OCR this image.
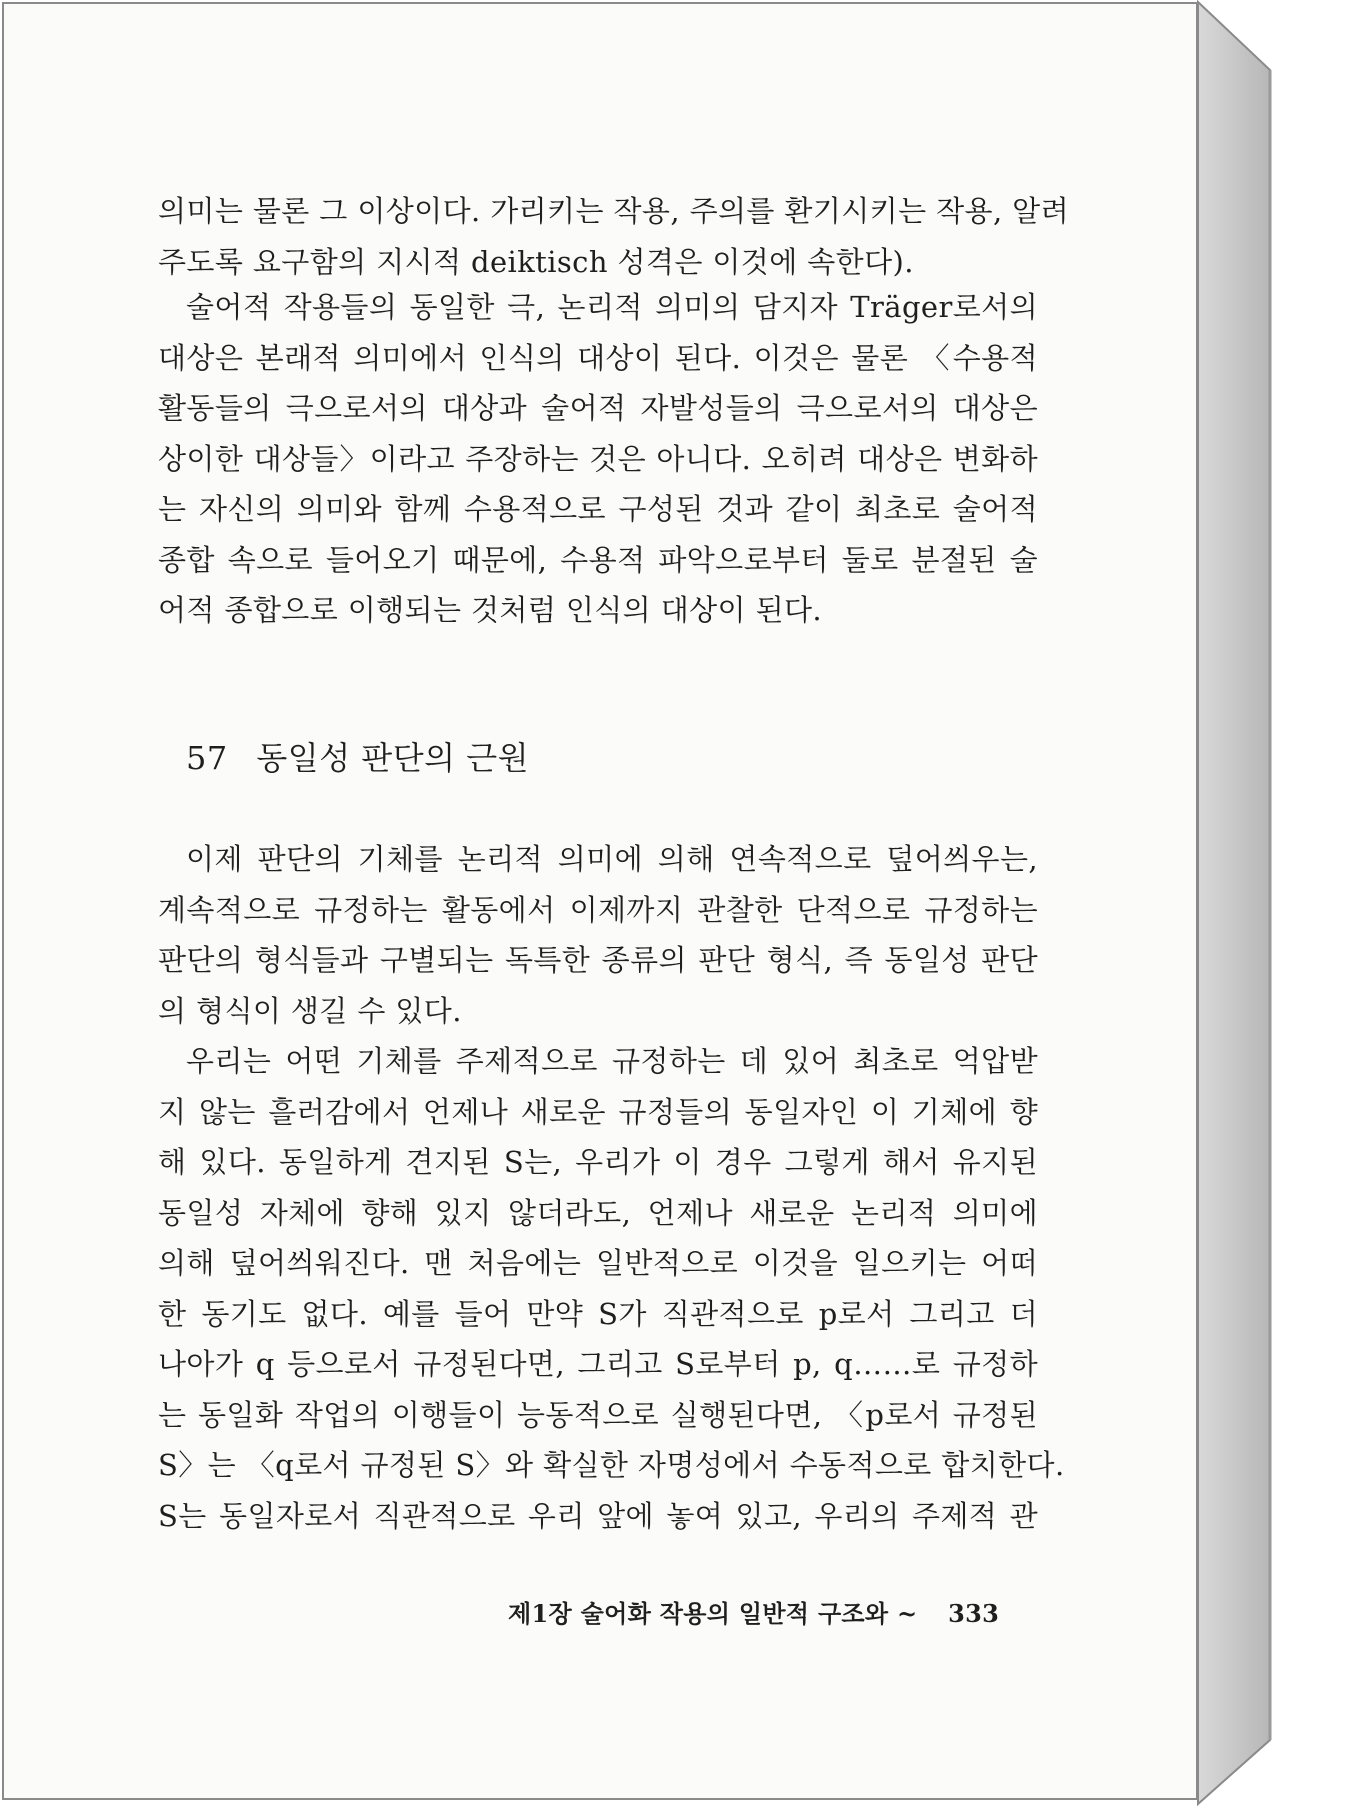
의미는 물론 그 이상이다. 가리키는 작용, 주의를 환기시키는 작용, 알려
주도록 요구함의 지시적 deiktisch 성격은 이것에 속한다).

술어적 작용들의 동일한 극, 논리적 의미의 담지자 Träger로서의
대상은 본래적 의미에서 인식의 대상이 된다. 이것은 물론 〈수용적
활동들의 극으로서의 대상과 술어적 자발성들의 극으로서의 대상은
상이한 대상들〉이라고 주장하는 것은 아니다. 오히려 대상은 변화하
는 자신의 의미와 함께 수용적으로 구성된 것과 같이 최초로 술어적
종합 속으로 들어오기 때문에, 수용적 파악으로부터 둘로 분절된 술
어적 종합으로 이행되는 것처럼 인식의 대상이 된다.

57 동일성 판단의 근원

이제 판단의 기체를 논리적 의미에 의해 연속적으로 덮어씌우는,
계속적으로 규정하는 활동에서 이제까지 관찰한 단적으로 규정하는
판단의 형식들과 구별되는 독특한 종류의 판단 형식, 즉 동일성 판단
의 형식이 생길 수 있다.

우리는 어떤 기체를 주제적으로 규정하는 데 있어 최초로 억압받
지 않는 흘러감에서 언제나 새로운 규정들의 동일자인 이 기체에 향
해 있다. 동일하게 견지된 S는, 우리가 이 경우 그렇게 해서 유지된
동일성 자체에 향해 있지 않더라도, 언제나 새로운 논리적 의미에
의해 덮어씌워진다. 맨 처음에는 일반적으로 이것을 일으키는 어떠
한 동기도 없다. 예를 들어 만약 S가 직관적으로 p로서 그리고 더
나아가 q 등으로서 규정된다면, 그리고 S로부터 p, q……로 규정하
는 동일화 작업의 이행들이 능동적으로 실행된다면, 〈p로서 규정된
S〉는 〈q로서 규정된 S〉와 확실한 자명성에서 수동적으로 합치한다.
S는 동일자로서 직관적으로 우리 앞에 놓여 있고, 우리의 주제적 관

제1장 술어화 작용의 일반적 구조와 ~ 333
